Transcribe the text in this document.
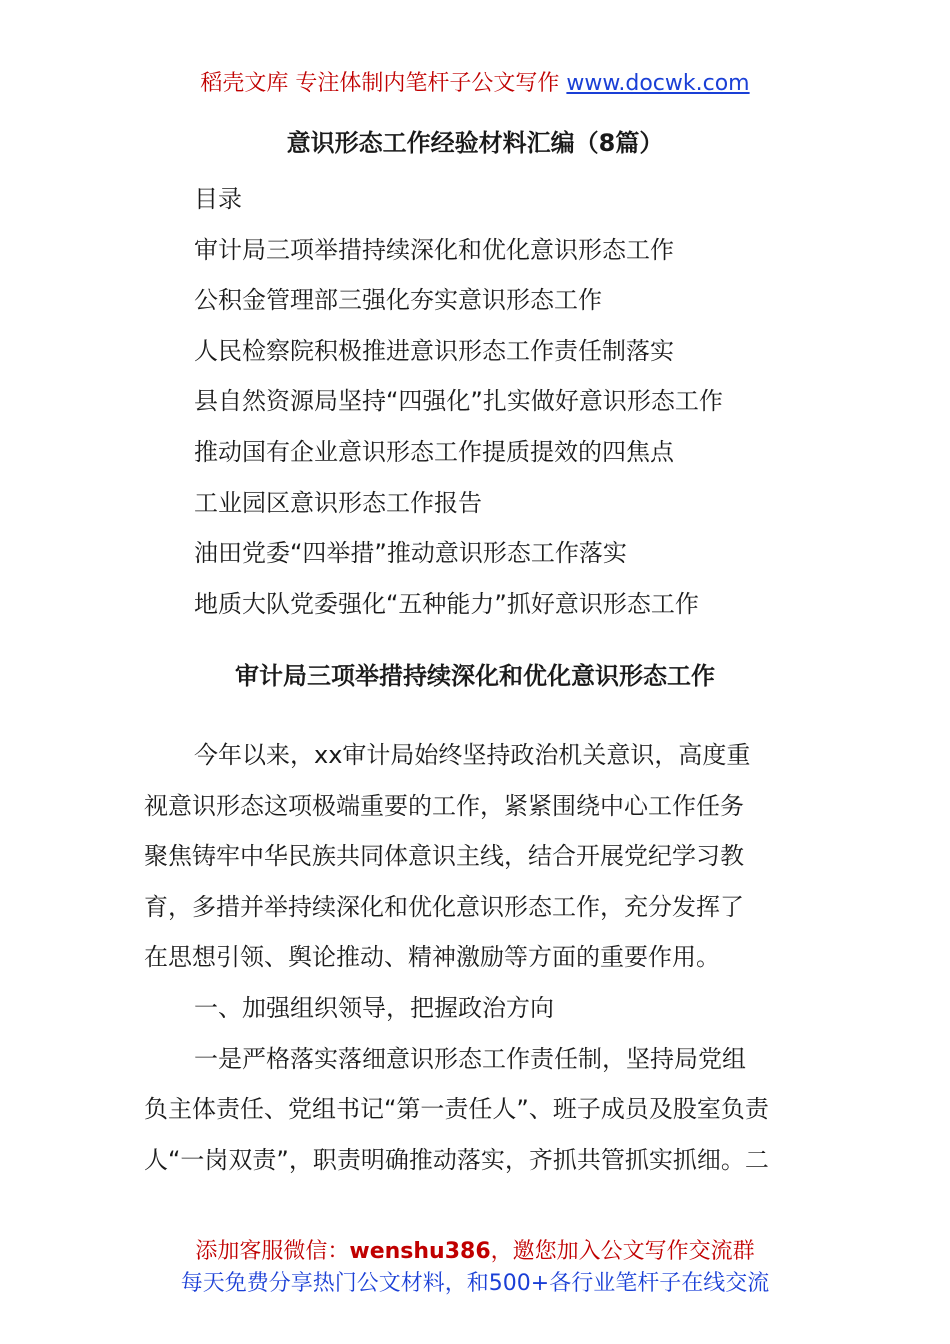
稻壳文库 专注体制内笔杆子公文写作 www.docwk.com
意识形态工作经验材料汇编（8篇）
目录
审计局三项举措持续深化和优化意识形态工作
公积金管理部三强化夯实意识形态工作
人民检察院积极推进意识形态工作责任制落实
县自然资源局坚持“四强化”扎实做好意识形态工作
推动国有企业意识形态工作提质提效的四焦点
工业园区意识形态工作报告
油田党委“四举措”推动意识形态工作落实
地质大队党委强化“五种能力”抓好意识形态工作
审计局三项举措持续深化和优化意识形态工作
今年以来，xx审计局始终坚持政治机关意识，高度重
视意识形态这项极端重要的工作，紧紧围绕中心工作任务
聚焦铸牢中华民族共同体意识主线，结合开展党纪学习教
育，多措并举持续深化和优化意识形态工作，充分发挥了
在思想引领、舆论推动、精神激励等方面的重要作用。
一、加强组织领导，把握政治方向
一是严格落实落细意识形态工作责任制，坚持局党组
负主体责任、党组书记“第一责任人”、班子成员及股室负责
人“一岗双责”，职责明确推动落实，齐抓共管抓实抓细。二
添加客服微信：wenshu386，邀您加入公文写作交流群
每天免费分享热门公文材料，和500+各行业笔杆子在线交流
